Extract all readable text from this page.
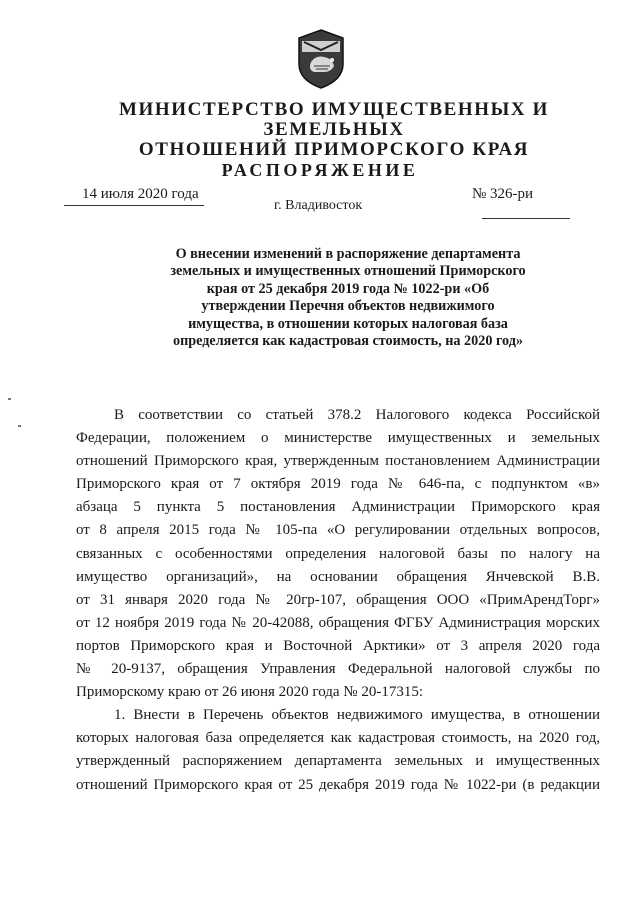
МИНИСТЕРСТВО ИМУЩЕСТВЕННЫХ И ЗЕМЕЛЬНЫХ
ОТНОШЕНИЙ ПРИМОРСКОГО КРАЯ
РАСПОРЯЖЕНИЕ
14 июля 2020 года
г. Владивосток
№ 326-ри
О внесении изменений в распоряжение департамента
земельных и имущественных отношений Приморского
края от 25 декабря 2019 года № 1022-ри «Об
утверждении Перечня объектов недвижимого
имущества, в отношении которых налоговая база
определяется как кадастровая стоимость, на 2020 год»
В соответствии со статьей 378.2 Налогового кодекса Российской
Федерации, положением о министерстве имущественных и земельных
отношений Приморского края, утвержденным постановлением Администрации
Приморского края от 7 октября 2019 года № 646-па, с подпунктом «в»
абзаца 5 пункта 5 постановления Администрации Приморского края
от 8 апреля 2015 года № 105-па «О регулировании отдельных вопросов,
связанных с особенностями определения налоговой базы по налогу на
имущество организаций», на основании обращения Янчевской В.В.
от 31 января 2020 года № 20гр-107, обращения ООО «ПримАрендТорг»
от 12 ноября 2019 года № 20-42088, обращения ФГБУ Администрация морских
портов Приморского края и Восточной Арктики» от 3 апреля 2020 года
№ 20-9137, обращения Управления Федеральной налоговой службы по
Приморскому краю от 26 июня 2020 года № 20-17315:
1. Внести в Перечень объектов недвижимого имущества, в отношении
которых налоговая база определяется как кадастровая стоимость, на 2020 год,
утвержденный распоряжением департамента земельных и имущественных
отношений Приморского края от 25 декабря 2019 года № 1022-ри (в редакции
